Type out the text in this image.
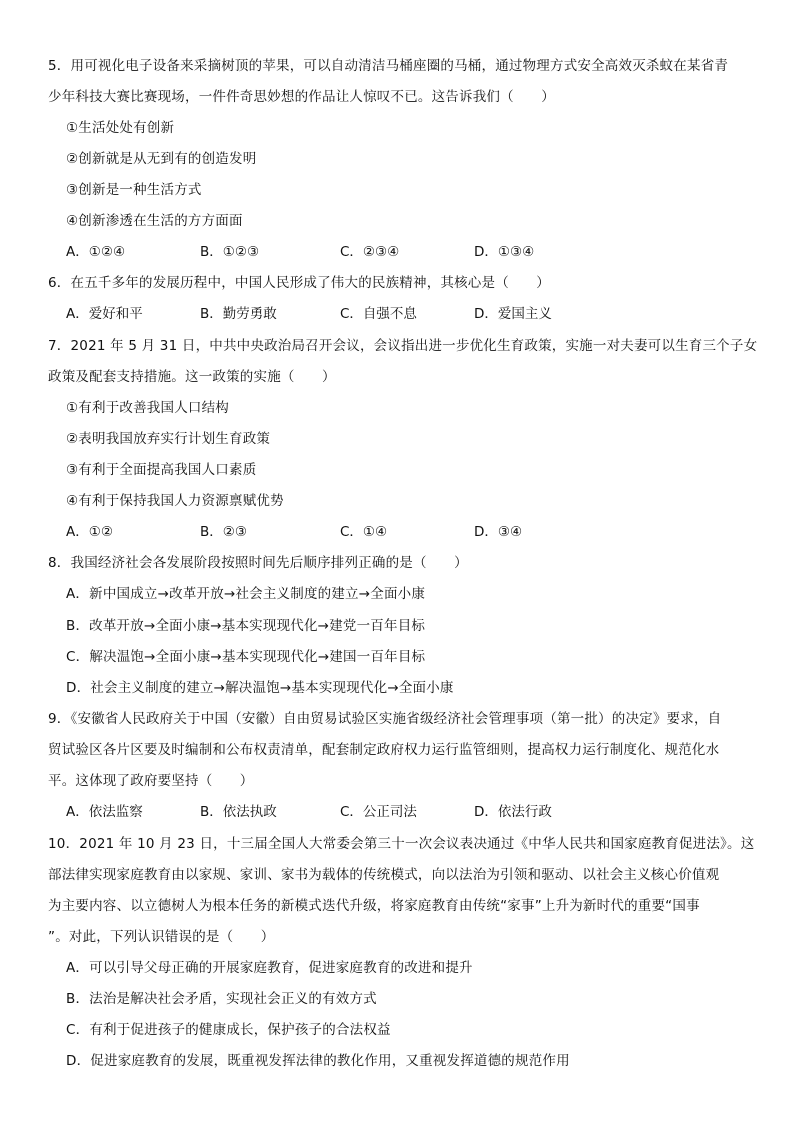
5．用可视化电子设备来采摘树顶的苹果，可以自动清洁马桶座圈的马桶，通过物理方式安全高效灭杀蚊在某省青
少年科技大赛比赛现场，一件件奇思妙想的作品让人惊叹不已。这告诉我们（　　）
①生活处处有创新
②创新就是从无到有的创造发明
③创新是一种生活方式
④创新渗透在生活的方方面面
A．①②④	B．①②③	C．②③④	D．①③④
6．在五千多年的发展历程中，中国人民形成了伟大的民族精神，其核心是（　　）
A．爱好和平	B．勤劳勇敢	C．自强不息	D．爱国主义
7．2021 年 5 月 31 日，中共中央政治局召开会议，会议指出进一步优化生育政策，实施一对夫妻可以生育三个子女
政策及配套支持措施。这一政策的实施（　　）
①有利于改善我国人口结构
②表明我国放弃实行计划生育政策
③有利于全面提高我国人口素质
④有利于保持我国人力资源禀赋优势
A．①②	B．②③	C．①④	D．③④
8．我国经济社会各发展阶段按照时间先后顺序排列正确的是（　　）
A．新中国成立→改革开放→社会主义制度的建立→全面小康
B．改革开放→全面小康→基本实现现代化→建党一百年目标
C．解决温饱→全面小康→基本实现现代化→建国一百年目标
D．社会主义制度的建立→解决温饱→基本实现现代化→全面小康
9．《安徽省人民政府关于中国（安徽）自由贸易试验区实施省级经济社会管理事项（第一批）的决定》要求，自
贸试验区各片区要及时编制和公布权责清单，配套制定政府权力运行监管细则，提高权力运行制度化、规范化水
平。这体现了政府要坚持（　　）
A．依法监察	B．依法执政	C．公正司法	D．依法行政
10．2021 年 10 月 23 日，十三届全国人大常委会第三十一次会议表决通过《中华人民共和国家庭教育促进法》。这
部法律实现家庭教育由以家规、家训、家书为载体的传统模式，向以法治为引领和驱动、以社会主义核心价值观
为主要内容、以立德树人为根本任务的新模式迭代升级，将家庭教育由传统“家事”上升为新时代的重要“国事
”。对此，下列认识错误的是（　　）
A．可以引导父母正确的开展家庭教育，促进家庭教育的改进和提升
B．法治是解决社会矛盾，实现社会正义的有效方式
C．有利于促进孩子的健康成长，保护孩子的合法权益
D．促进家庭教育的发展，既重视发挥法律的教化作用，又重视发挥道德的规范作用
